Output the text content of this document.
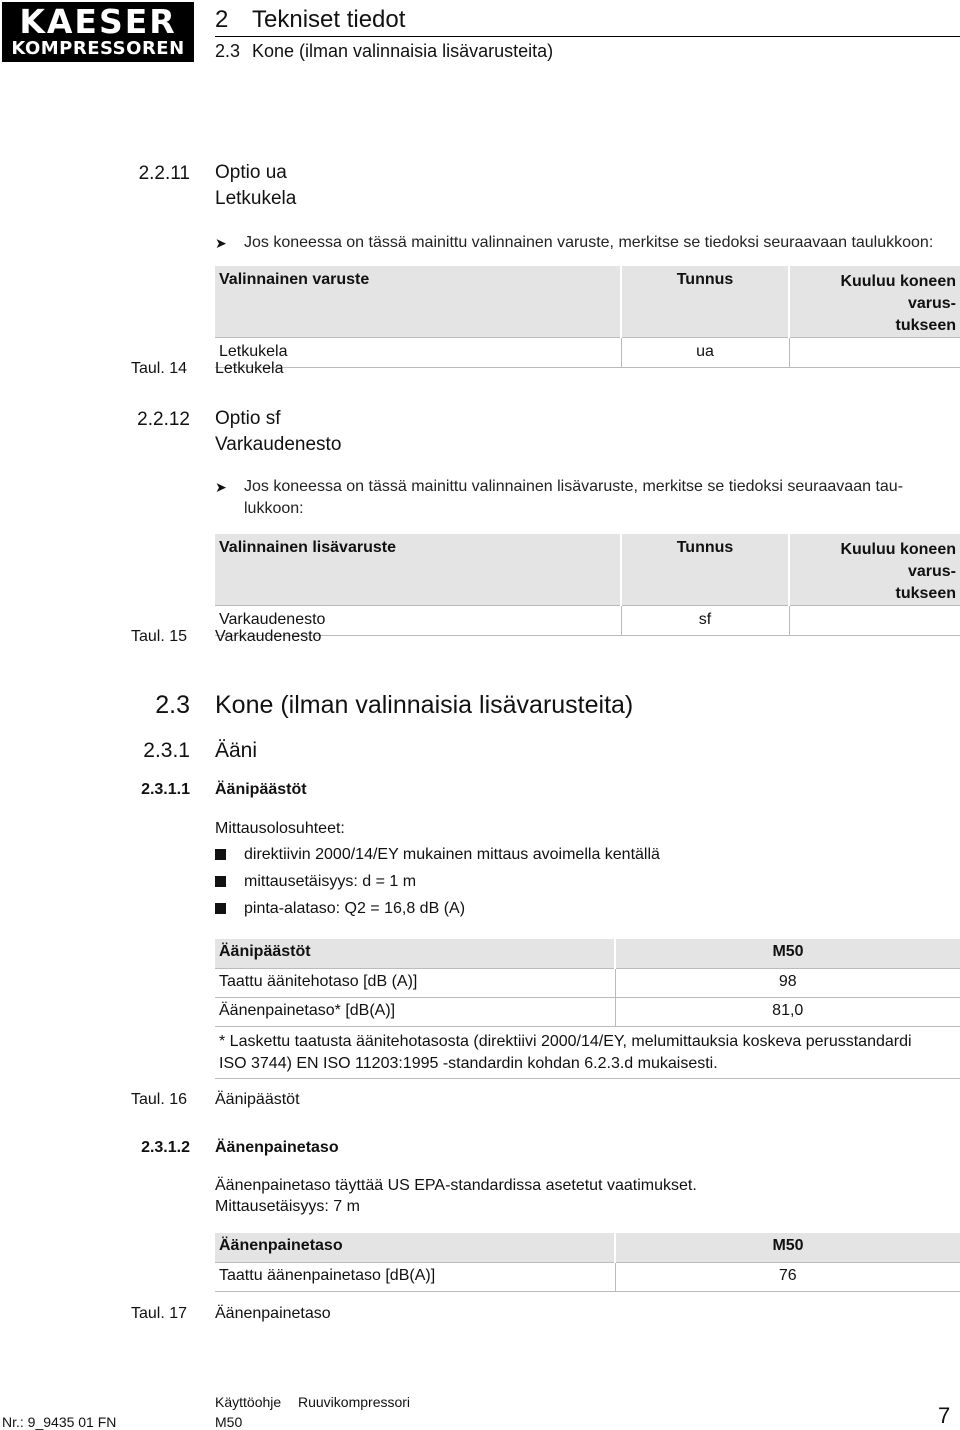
KAESER
KOMPRESSOREN
2 Tekniset tiedot
2.3 Kone (ilman valinnaisia lisävarusteita)
2.2.11 Optio ua
Letkukela
➤ Jos koneessa on tässä mainittu valinnainen varuste, merkitse se tiedoksi seuraavaan taulukkoon:
Valinnainen varuste	Tunnus	Kuuluu koneen varus-
tukseen

Letkukela	ua	
Taul. 14 Letkukela
2.2.12 Optio sf
Varkaudenesto
➤ Jos koneessa on tässä mainittu valinnainen lisävaruste, merkitse se tiedoksi seuraavaan tau-
lukkoon:
Valinnainen lisävaruste	Tunnus	Kuuluu koneen varus-
tukseen

Varkaudenesto	sf	
Taul. 15 Varkaudenesto
2.3 Kone (ilman valinnaisia lisävarusteita)
2.3.1 Ääni
2.3.1.1 Äänipäästöt
Mittausolosuhteet:
direktiivin 2000/14/EY mukainen mittaus avoimella kentällä
mittausetäisyys: d = 1 m
pinta-alataso: Q2 = 16,8 dB (A)
Äänipäästöt	M50
Taattu äänitehotaso [dB (A)]	98
Äänenpainetaso* [dB(A)]	81,0

* Laskettu taatusta äänitehotasosta (direktiivi 2000/14/EY, melumittauksia koskeva perusstandardi
ISO 3744) EN ISO 11203:1995 -standardin kohdan 6.2.3.d mukaisesti.	
Taul. 16 Äänipäästöt
2.3.1.2 Äänenpainetaso
Äänenpainetaso täyttää US EPA-standardissa asetetut vaatimukset.
Mittausetäisyys: 7 m
Äänenpainetaso	M50
Taattu äänenpainetaso [dB(A)]	76
Taul. 17 Äänenpainetaso
Käyttöohje Ruuvikompressori
Nr.: 9_9435 01 FN	M50	7
